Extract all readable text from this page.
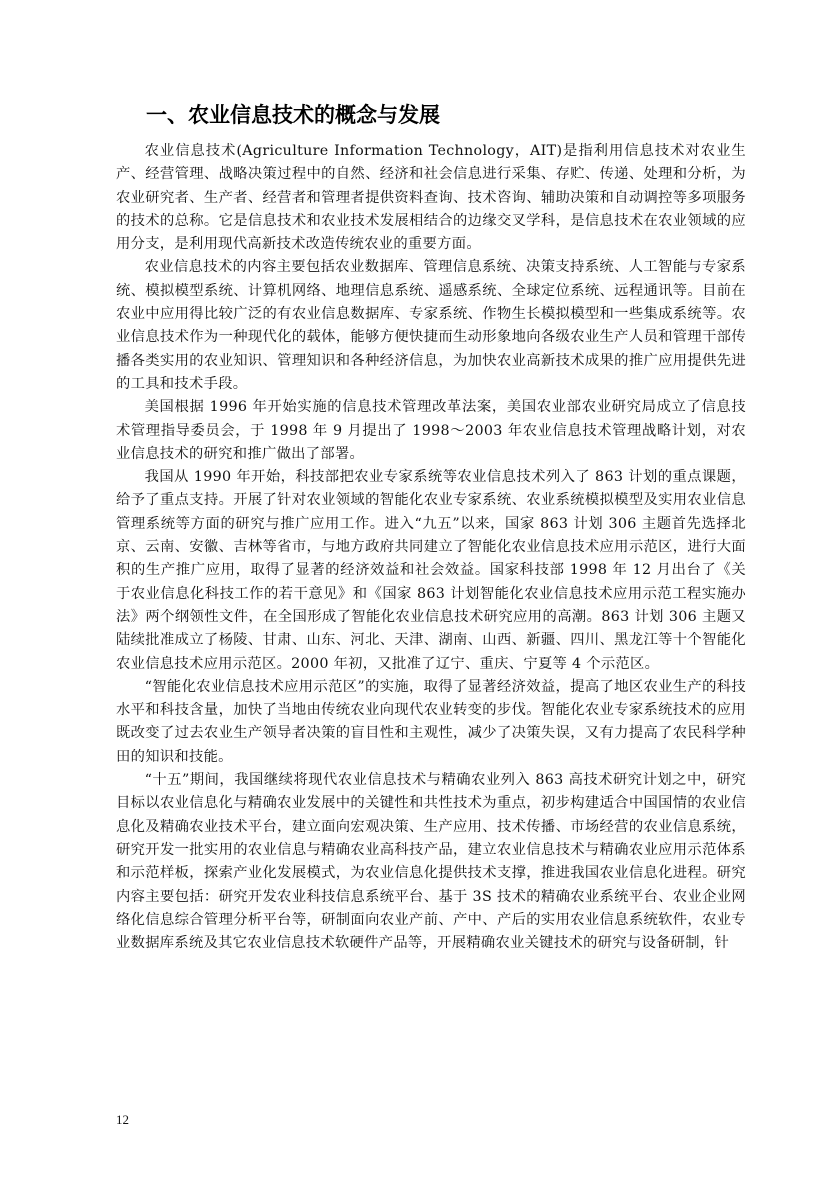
一、农业信息技术的概念与发展

农业信息技术(Agriculture Information Technology，AIT)是指利用信息技术对农业生产、经营管理、战略决策过程中的自然、经济和社会信息进行采集、存贮、传递、处理和分析，为农业研究者、生产者、经营者和管理者提供资料查询、技术咨询、辅助决策和自动调控等多项服务的技术的总称。它是信息技术和农业技术发展相结合的边缘交叉学科，是信息技术在农业领域的应用分支，是利用现代高新技术改造传统农业的重要方面。

农业信息技术的内容主要包括农业数据库、管理信息系统、决策支持系统、人工智能与专家系统、模拟模型系统、计算机网络、地理信息系统、遥感系统、全球定位系统、远程通讯等。目前在农业中应用得比较广泛的有农业信息数据库、专家系统、作物生长模拟模型和一些集成系统等。农业信息技术作为一种现代化的载体，能够方便快捷而生动形象地向各级农业生产人员和管理干部传播各类实用的农业知识、管理知识和各种经济信息，为加快农业高新技术成果的推广应用提供先进的工具和技术手段。

美国根据 1996 年开始实施的信息技术管理改革法案，美国农业部农业研究局成立了信息技术管理指导委员会，于 1998 年 9 月提出了 1998～2003 年农业信息技术管理战略计划，对农业信息技术的研究和推广做出了部署。

我国从 1990 年开始，科技部把农业专家系统等农业信息技术列入了 863 计划的重点课题，给予了重点支持。开展了针对农业领域的智能化农业专家系统、农业系统模拟模型及实用农业信息管理系统等方面的研究与推广应用工作。进入“九五”以来，国家 863 计划 306 主题首先选择北京、云南、安徽、吉林等省市，与地方政府共同建立了智能化农业信息技术应用示范区，进行大面积的生产推广应用，取得了显著的经济效益和社会效益。国家科技部 1998 年 12 月出台了《关于农业信息化科技工作的若干意见》和《国家 863 计划智能化农业信息技术应用示范工程实施办法》两个纲领性文件，在全国形成了智能化农业信息技术研究应用的高潮。863 计划 306 主题又陆续批准成立了杨陵、甘肃、山东、河北、天津、湖南、山西、新疆、四川、黑龙江等十个智能化农业信息技术应用示范区。2000 年初，又批准了辽宁、重庆、宁夏等 4 个示范区。

“智能化农业信息技术应用示范区”的实施，取得了显著经济效益，提高了地区农业生产的科技水平和科技含量，加快了当地由传统农业向现代农业转变的步伐。智能化农业专家系统技术的应用既改变了过去农业生产领导者决策的盲目性和主观性，减少了决策失误，又有力提高了农民科学种田的知识和技能。

“十五”期间，我国继续将现代农业信息技术与精确农业列入 863 高技术研究计划之中，研究目标以农业信息化与精确农业发展中的关键性和共性技术为重点，初步构建适合中国国情的农业信息化及精确农业技术平台，建立面向宏观决策、生产应用、技术传播、市场经营的农业信息系统，研究开发一批实用的农业信息与精确农业高科技产品，建立农业信息技术与精确农业应用示范体系和示范样板，探索产业化发展模式，为农业信息化提供技术支撑，推进我国农业信息化进程。研究内容主要包括：研究开发农业科技信息系统平台、基于 3S 技术的精确农业系统平台、农业企业网络化信息综合管理分析平台等，研制面向农业产前、产中、产后的实用农业信息系统软件，农业专业数据库系统及其它农业信息技术软硬件产品等，开展精确农业关键技术的研究与设备研制，针

12
